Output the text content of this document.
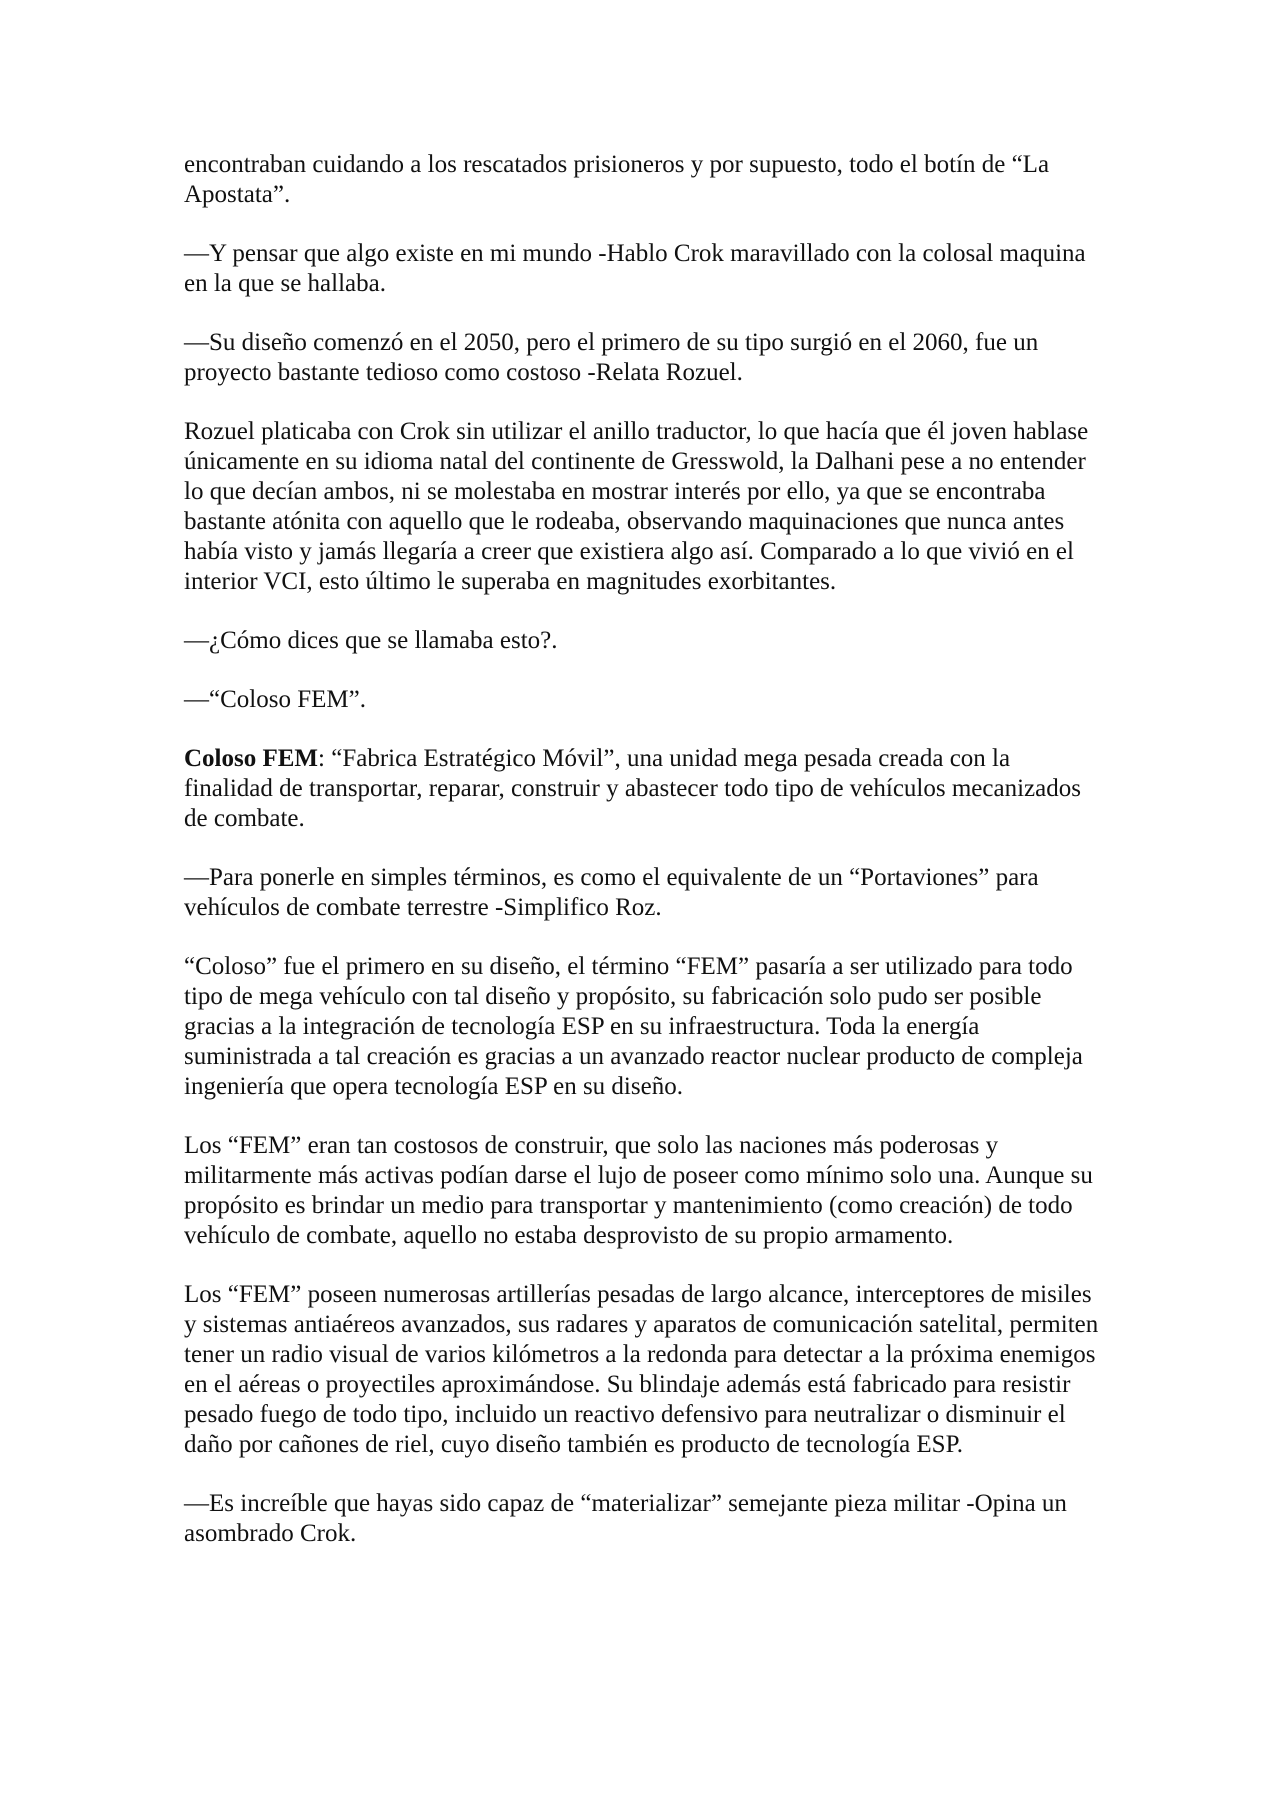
encontraban cuidando a los rescatados prisioneros y por supuesto, todo el botín de “La Apostata”.

—Y pensar que algo existe en mi mundo -Hablo Crok maravillado con la colosal maquina en la que se hallaba.

—Su diseño comenzó en el 2050, pero el primero de su tipo surgió en el 2060, fue un proyecto bastante tedioso como costoso -Relata Rozuel.

Rozuel platicaba con Crok sin utilizar el anillo traductor, lo que hacía que él joven hablase únicamente en su idioma natal del continente de Gresswold, la Dalhani pese a no entender lo que decían ambos, ni se molestaba en mostrar interés por ello, ya que se encontraba bastante atónita con aquello que le rodeaba, observando maquinaciones que nunca antes había visto y jamás llegaría a creer que existiera algo así. Comparado a lo que vivió en el interior VCI, esto último le superaba en magnitudes exorbitantes.

—¿Cómo dices que se llamaba esto?.

—“Coloso FEM”.

Coloso FEM: “Fabrica Estratégico Móvil”, una unidad mega pesada creada con la finalidad de transportar, reparar, construir y abastecer todo tipo de vehículos mecanizados de combate.

—Para ponerle en simples términos, es como el equivalente de un “Portaviones” para vehículos de combate terrestre -Simplifico Roz.

“Coloso” fue el primero en su diseño, el término “FEM” pasaría a ser utilizado para todo tipo de mega vehículo con tal diseño y propósito, su fabricación solo pudo ser posible gracias a la integración de tecnología ESP en su infraestructura. Toda la energía suministrada a tal creación es gracias a un avanzado reactor nuclear producto de compleja ingeniería que opera tecnología ESP en su diseño.

Los “FEM” eran tan costosos de construir, que solo las naciones más poderosas y militarmente más activas podían darse el lujo de poseer como mínimo solo una. Aunque su propósito es brindar un medio para transportar y mantenimiento (como creación) de todo vehículo de combate, aquello no estaba desprovisto de su propio armamento.

Los “FEM” poseen numerosas artillerías pesadas de largo alcance, interceptores de misiles y sistemas antiaéreos avanzados, sus radares y aparatos de comunicación satelital, permiten tener un radio visual de varios kilómetros a la redonda para detectar a la próxima enemigos en el aéreas o proyectiles aproximándose. Su blindaje además está fabricado para resistir pesado fuego de todo tipo, incluido un reactivo defensivo para neutralizar o disminuir el daño por cañones de riel, cuyo diseño también es producto de tecnología ESP.

—Es increíble que hayas sido capaz de “materializar” semejante pieza militar -Opina un asombrado Crok.
